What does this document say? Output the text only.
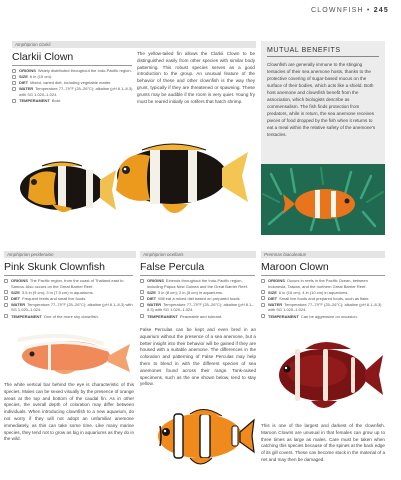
CLOWNFISH • 245
Amphiprion clarkii
Clarkii Clown
ORIGINS Widely distributed throughout the Indo-Pacific region.
SIZE 6 in (15 cm).
DIET Mixed, varied diet, including vegetable matter.
WATER Temperature 77–79°F (25–26°C); alkaline (pH 8.1–8.3) with SG 1.020–1.024.
TEMPERAMENT Bold.
The yellow-tailed fin allows the Clarkii Clown to be distinguished easily from other species with similar body patterning. This robust species serves as a good introduction to the group. An unusual feature of the behavior of these and other clownfish is the way they grunt, typically if they are threatened or spawning. These grunts may be audible if the room is very quiet. Young fry must be reared initially on rotifers that hatch shrimp.
MUTUAL BENEFITS
Clownfish are generally immune to the stinging tentacles of their sea anemone hosts, thanks to the protective covering of sugar-based mucus on the surface of their bodies, which acts like a shield. Both host anemone and clownfish benefit from the association, which biologists describe as commensalism. The fish finds protection from predators, while in return, the sea anemone receives pieces of food dropped by the fish when it returns to eat a meal within the relative safety of the anemone's tentacles.
Amphiprion perideraion	Amphiprion ocellaris	Premnas biaculeatus
Pink Skunk Clownfish
ORIGINS The Pacific region, from the coast of Thailand east to Samoa. Also occurs on the Great Barrier Reef.
SIZE 3.5 in (9 cm); 3 in (7.5 cm) in aquariums.
DIET Frequent feeds and small live foods.
WATER Temperature 77–79°F (25–26°C); alkaline (pH 8.1–8.3) with SG 1.020–1.024.
TEMPERAMENT One of the more shy clownfish.
The white vertical bar behind the eye is characteristic of this species. Males can be sexed visually by the presence of orange areas at the top and bottom of the caudal fin. As in other species, the overall depth of coloration may differ between individuals. When introducing clownfish to a new aquarium, do not worry if they will not adopt an unfamiliar anemone immediately, as this can take some time. Like many marine species, they tend not to grow as big in aquariums as they do in the wild.
False Percula
ORIGINS Extends throughout the Indo-Pacific region, including Papua New Guinea and the Great Barrier Reef.
SIZE 3 in (8 cm); 2 in (5 cm) in aquariums.
DIET Will eat a mixed diet based on prepared foods.
WATER Temperature 77–79°F (25–26°C); alkaline (pH 8.1–8.3) with SG 1.020–1.024.
TEMPERAMENT Peaceable and tolerant.
False Perculas can be kept and even bred in an aquarium without the presence of a sea anemone, but a better insight into their behavior will be gained if they are housed with a suitable anemone. The differences in the coloration and patterning of False Perculas may help them to blend in with the different species of sea anemones found across their range. Tank-raised specimens, such as the one shown below, tend to stay yellow.
Maroon Clown
ORIGINS Occurs in reefs in the Pacific Ocean, between Indonesia, Taiwan, and the northern Great Barrier Reef.
SIZE 6 in (16 cm); 4 in (10 cm) in aquariums.
DIET Small live foods and prepared foods, such as flake.
WATER Temperature 77–79°F (25–26°C); alkaline (pH 8.1–8.3) with SG 1.020–1.024.
TEMPERAMENT Can be aggressive on occasion.
This is one of the largest and darkest of the clownfish. Maroon Clowns are unusual in that females can grow up to three times as large as males. Care must be taken when catching this species because of the spines at the back edge of its gill covers. These can become stuck in the material of a net and may then be damaged.
